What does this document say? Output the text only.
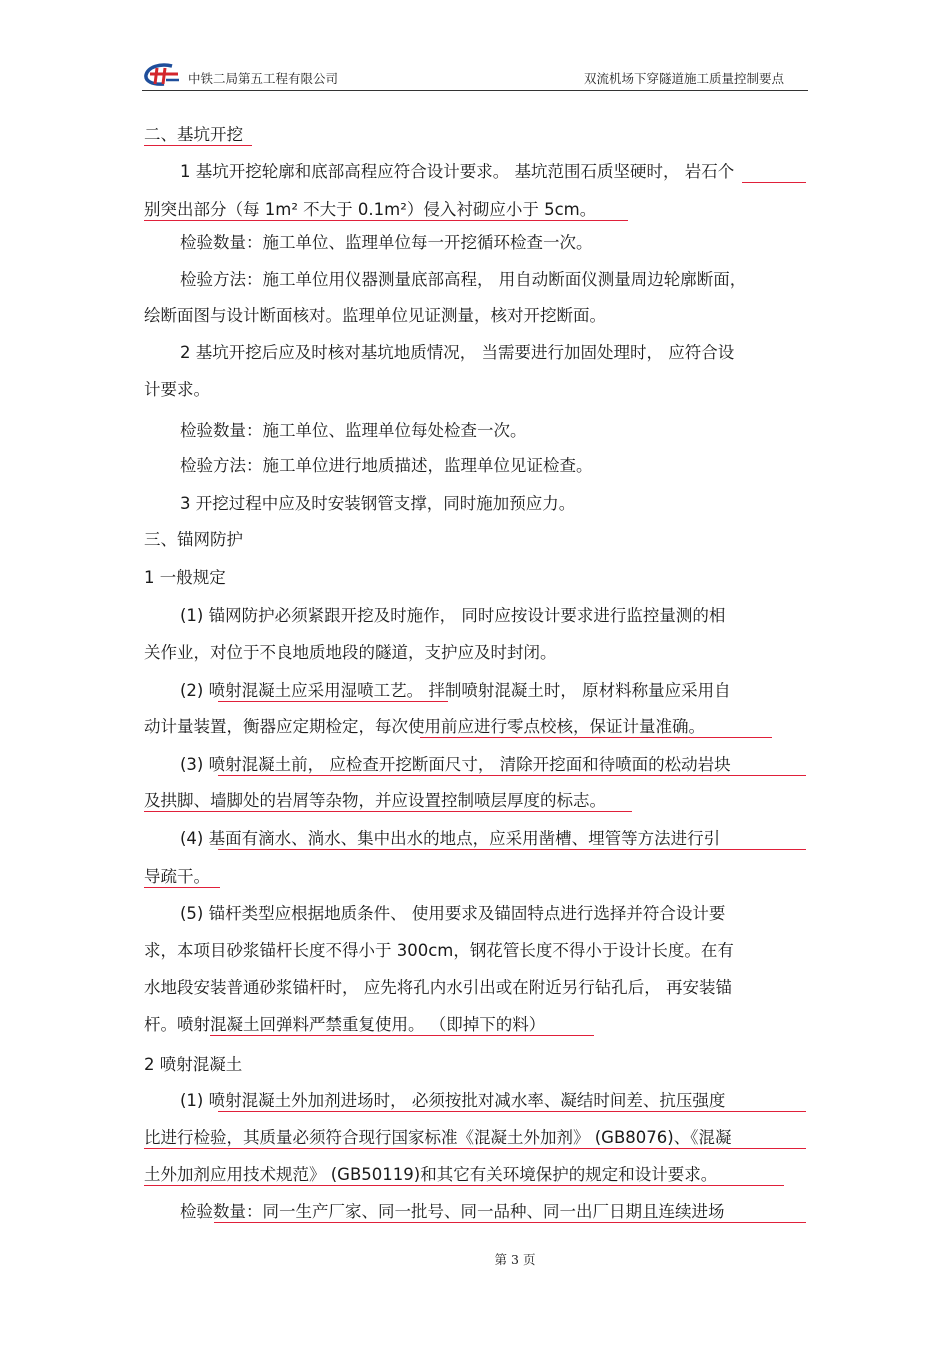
中铁二局第五工程有限公司	双流机场下穿隧道施工质量控制要点
二、基坑开挖
1 基坑开挖轮廓和底部高程应符合设计要求。 基坑范围石质坚硬时， 岩石个
别突出部分（每 1m² 不大于 0.1m²）侵入衬砌应小于 5cm。
检验数量：施工单位、监理单位每一开挖循环检查一次。
检验方法：施工单位用仪器测量底部高程， 用自动断面仪测量周边轮廓断面，
绘断面图与设计断面核对。监理单位见证测量，核对开挖断面。
2 基坑开挖后应及时核对基坑地质情况， 当需要进行加固处理时， 应符合设
计要求。
检验数量：施工单位、监理单位每处检查一次。
检验方法：施工单位进行地质描述，监理单位见证检查。
3 开挖过程中应及时安装钢管支撑，同时施加预应力。
三、锚网防护
1 一般规定
(1) 锚网防护必须紧跟开挖及时施作， 同时应按设计要求进行监控量测的相
关作业，对位于不良地质地段的隧道，支护应及时封闭。
(2) 喷射混凝土应采用湿喷工艺。 拌制喷射混凝土时， 原材料称量应采用自
动计量装置，衡器应定期检定，每次使用前应进行零点校核，保证计量准确。
(3) 喷射混凝土前， 应检查开挖断面尺寸， 清除开挖面和待喷面的松动岩块
及拱脚、墙脚处的岩屑等杂物，并应设置控制喷层厚度的标志。
(4) 基面有滴水、淌水、集中出水的地点，应采用凿槽、埋管等方法进行引
导疏干。
(5) 锚杆类型应根据地质条件、 使用要求及锚固特点进行选择并符合设计要
求，本项目砂浆锚杆长度不得小于 300cm，钢花管长度不得小于设计长度。在有
水地段安装普通砂浆锚杆时， 应先将孔内水引出或在附近另行钻孔后， 再安装锚
杆。喷射混凝土回弹料严禁重复使用。 （即掉下的料）
2 喷射混凝土
(1) 喷射混凝土外加剂进场时， 必须按批对减水率、凝结时间差、抗压强度
比进行检验，其质量必须符合现行国家标准《混凝土外加剂》 (GB8076)、《混凝
土外加剂应用技术规范》 (GB50119)和其它有关环境保护的规定和设计要求。
检验数量：同一生产厂家、同一批号、同一品种、同一出厂日期且连续进场
第 3 页
